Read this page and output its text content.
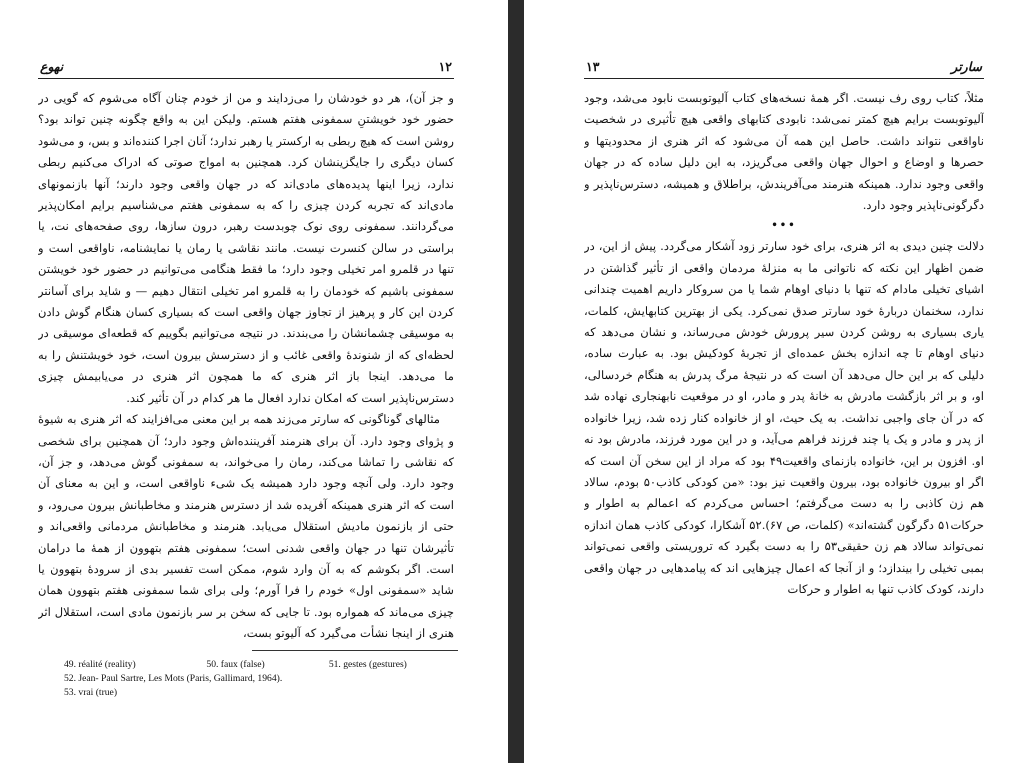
نهوع	۱۲

و جز آن)، هر دو خودشان را می‌زدایند و من از خودم چنان آگاه می‌شوم که گویی در حضور خود خویشتنِ سمفونی هفتم هستم. ولیکن این به واقع چگونه چنین تواند بود؟ روشن است که هیچ ربطی به ارکستر یا رهبر ندارد؛ آنان اجرا کننده‌اند و بس، و می‌شود کسان دیگری را جایگزینشان کرد. همچنین به امواج صوتی که ادراک می‌کنیم ربطی ندارد، زیرا اینها پدیده‌های مادی‌اند که در جهان واقعی وجود دارند؛ آنها بازنمونهای مادی‌اند که تجربه کردن چیزی را که به سمفونی هفتم می‌شناسیم برایم امکان‌پذیر می‌گردانند. سمفونی روی نوک چوبدست رهبر، درون سازها، روی صفحه‌های نت، یا براستی در سالن کنسرت نیست. مانند نقاشی یا رمان یا نمایشنامه، ناواقعی است و تنها در قلمرو امر تخیلی وجود دارد؛ ما فقط هنگامی می‌توانیم در حضور خود خویشتن سمفونی باشیم که خودمان را به قلمرو امر تخیلی انتقال دهیم — و شاید برای آسانتر کردن این کار و پرهیز از تجاوز جهان واقعی است که بسیاری کسان هنگام گوش دادن به موسیقی چشمانشان را می‌بندند. در نتیجه می‌توانیم بگوییم که قطعه‌ای موسیقی در لحظه‌ای که از شنوندهٔ واقعی غائب و از دسترسش بیرون است، خود خویشتنش را به ما می‌دهد. اینجا باز اثر هنری که ما همچون اثر هنری در می‌یابیمش چیزی دسترس‌ناپذیر است که امکان ندارد افعال ما هر کدام در آن تأثیر کند.

مثالهای گوناگونی که سارتر می‌زند همه بر این معنی می‌افزایند که اثر هنری به شیوهٔ و پژوای وجود دارد. آن برای هنرمند آفریننده‌اش وجود دارد؛ آن همچنین برای شخصی که نقاشی را تماشا می‌کند، رمان را می‌خواند، به سمفونی گوش می‌دهد، و جز آن، وجود دارد. ولی آنچه وجود دارد همیشه یک شیء ناواقعی است، و این به معنای آن است که اثر هنری همینکه آفریده شد از دسترس هنرمند و مخاطبانش بیرون می‌رود، و حتی از بازنمون مادیش استقلال می‌یابد. هنرمند و مخاطبانش مردمانی واقعی‌اند و تأثیرشان تنها در جهان واقعی شدنی است؛ سمفونی هفتم بتهوون از همهٔ ما درامان است. اگر بکوشم که به آن وارد شوم، ممکن است تفسیر بدی از سرودهٔ بتهوون یا شاید «سمفونی اول» خودم را فرا آورم؛ ولی برای شما سمفونی هفتم بتهوون همان چیزی می‌ماند که همواره بود. تا جایی که سخن بر سر بازنمون مادی است، استقلال اثر هنری از اینجا نشأت می‌گیرد که آلیوتو بست،

۱۳	سارتر

مثلاً، کتاب روی رف نیست. اگر همهٔ نسخه‌های کتاب آلیوتوبست نابود می‌شد، وجود آلیوتوبست برایم هیچ کمتر نمی‌شد: نابودی کتابهای واقعی هیچ تأثیری در شخصیت ناواقعی نتواند داشت. حاصل این همه آن می‌شود که اثر هنری از محدودیتها و حصرها و اوضاع و احوال جهان واقعی می‌گریزد، به این دلیل ساده که در جهان واقعی وجود ندارد. همینکه هنرمند می‌آفریندش، براطلاق و همیشه، دسترس‌ناپذیر و دگرگونی‌ناپذیر وجود دارد.

•••

دلالت چنین دیدی به اثر هنری، برای خود سارتر زود آشکار می‌گردد. پیش از این، در ضمن اظهار این نکته که ناتوانی ما به منزلهٔ مردمان واقعی از تأثیر گذاشتن در اشیای تخیلی مادام که تنها با دنیای اوهام شما یا من سروکار داریم اهمیت چندانی ندارد، سخنمان دربارهٔ خود سارتر صدق نمی‌کرد. یکی از بهترین کتابهایش، کلمات، یاری بسیاری به روشن کردن سیر پرورش خودش می‌رساند، و نشان می‌دهد که دنیای اوهام تا چه اندازه بخش عمده‌ای از تجربهٔ کودکیش بود. به عبارت ساده، دلیلی که بر این حال می‌دهد آن است که در نتیجهٔ مرگ پدرش به هنگام خردسالی، او، و بر اثر بازگشت مادرش به خانهٔ پدر و مادر، او در موقعیت نابهنجاری نهاده شد که در آن جای واجبی نداشت. به یک حیث، او از خانواده کنار زده شد، زیرا خانواده از پدر و مادر و یک یا چند فرزند فراهم می‌آید، و در این مورد فرزند، مادرش بود نه او. افزون بر این، خانواده بازنمای واقعیت‌۴۹ بود که مراد از این سخن آن است که اگر او بیرون خانواده بود، بیرون واقعیت نیز بود: «من کودکی کاذب‌۵۰ بودم، سالاد هم زن کاذبی را به دست می‌گرفتم؛ احساس می‌کردم که اعمالم به اطوار و حرکات‌۵۱ دگرگون گشته‌اند» (کلمات، ص ۶۷).‌۵۲ آشکارا، کودکی کاذب همان اندازه نمی‌تواند سالاد هم زن حقیقی‌۵۳ را به دست بگیرد که تروریستی واقعی نمی‌تواند بمبی تخیلی را بیندازد؛ و از آنجا که اعمال چیزهایی اند که پیامدهایی در جهان واقعی دارند، کودک کاذب تنها به اطوار و حرکات

49. réalité (reality)	50. faux (false)	51. gestes (gestures)
52. Jean- Paul Sartre, Les Mots (Paris, Gallimard, 1964).
53. vrai (true)
